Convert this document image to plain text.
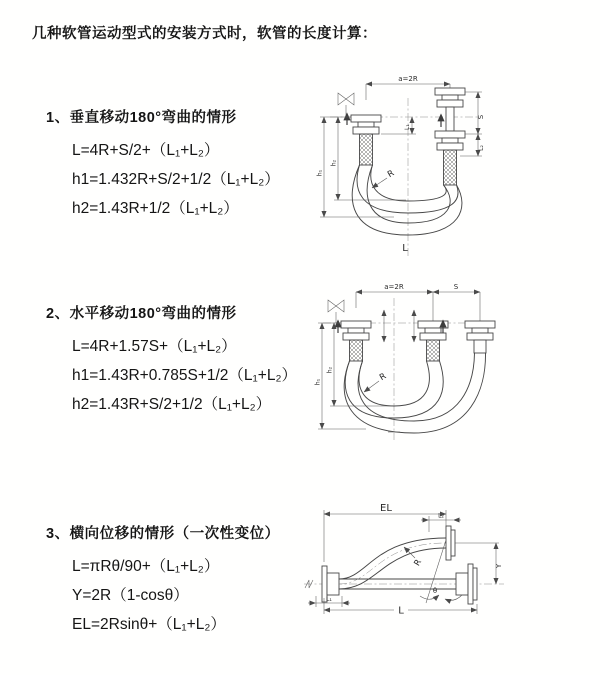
几种软管运动型式的安装方式时，软管的长度计算：

1、垂直移动180°弯曲的情形

L=4R+S/2+（L₁+L₂）

h1=1.432R+S/2+1/2（L₁+L₂）

h2=1.43R+1/2（L₁+L₂）

a=2R
L₁
S
L₂
h₁
h₂
R
L

2、水平移动180°弯曲的情形

L=4R+1.57S+（L₁+L₂）

h1=1.43R+0.785S+1/2（L₁+L₂）

h2=1.43R+S/2+1/2（L₁+L₂）

a=2R	S
h₁
h₂
R

3、横向位移的情形（一次性变位）

L=πRθ/90+（L₁+L₂）

Y=2R（1-cosθ）

EL=2Rsinθ+（L₁+L₂）

EL
L₂
Y
θ
R
L₁
L
